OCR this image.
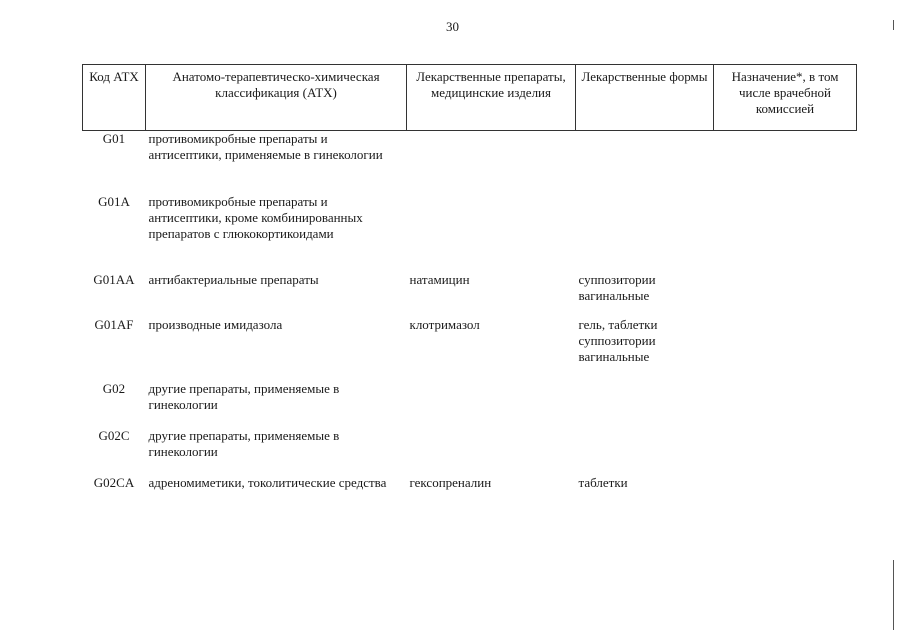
30
Код АТХ	Анатомо-терапевтическо-химическая классификация (АТХ)	Лекарственные препараты, медицинские изделия	Лекарственные формы	Назначение*, в том числе врачебной комиссией
G01	противомикробные препараты и антисептики, применяемые в гинекологии			
G01A	противомикробные препараты и антисептики, кроме комбинированных препаратов с глюкокортикоидами			
G01AA	антибактериальные препараты	натамицин	суппозитории вагинальные	
G01AF	производные имидазола	клотримазол	гель, таблетки суппозитории вагинальные	
G02	другие препараты, применяемые в гинекологии			
G02C	другие препараты, применяемые в гинекологии			
G02CA	адреномиметики, токолитические средства	гексопреналин	таблетки	
